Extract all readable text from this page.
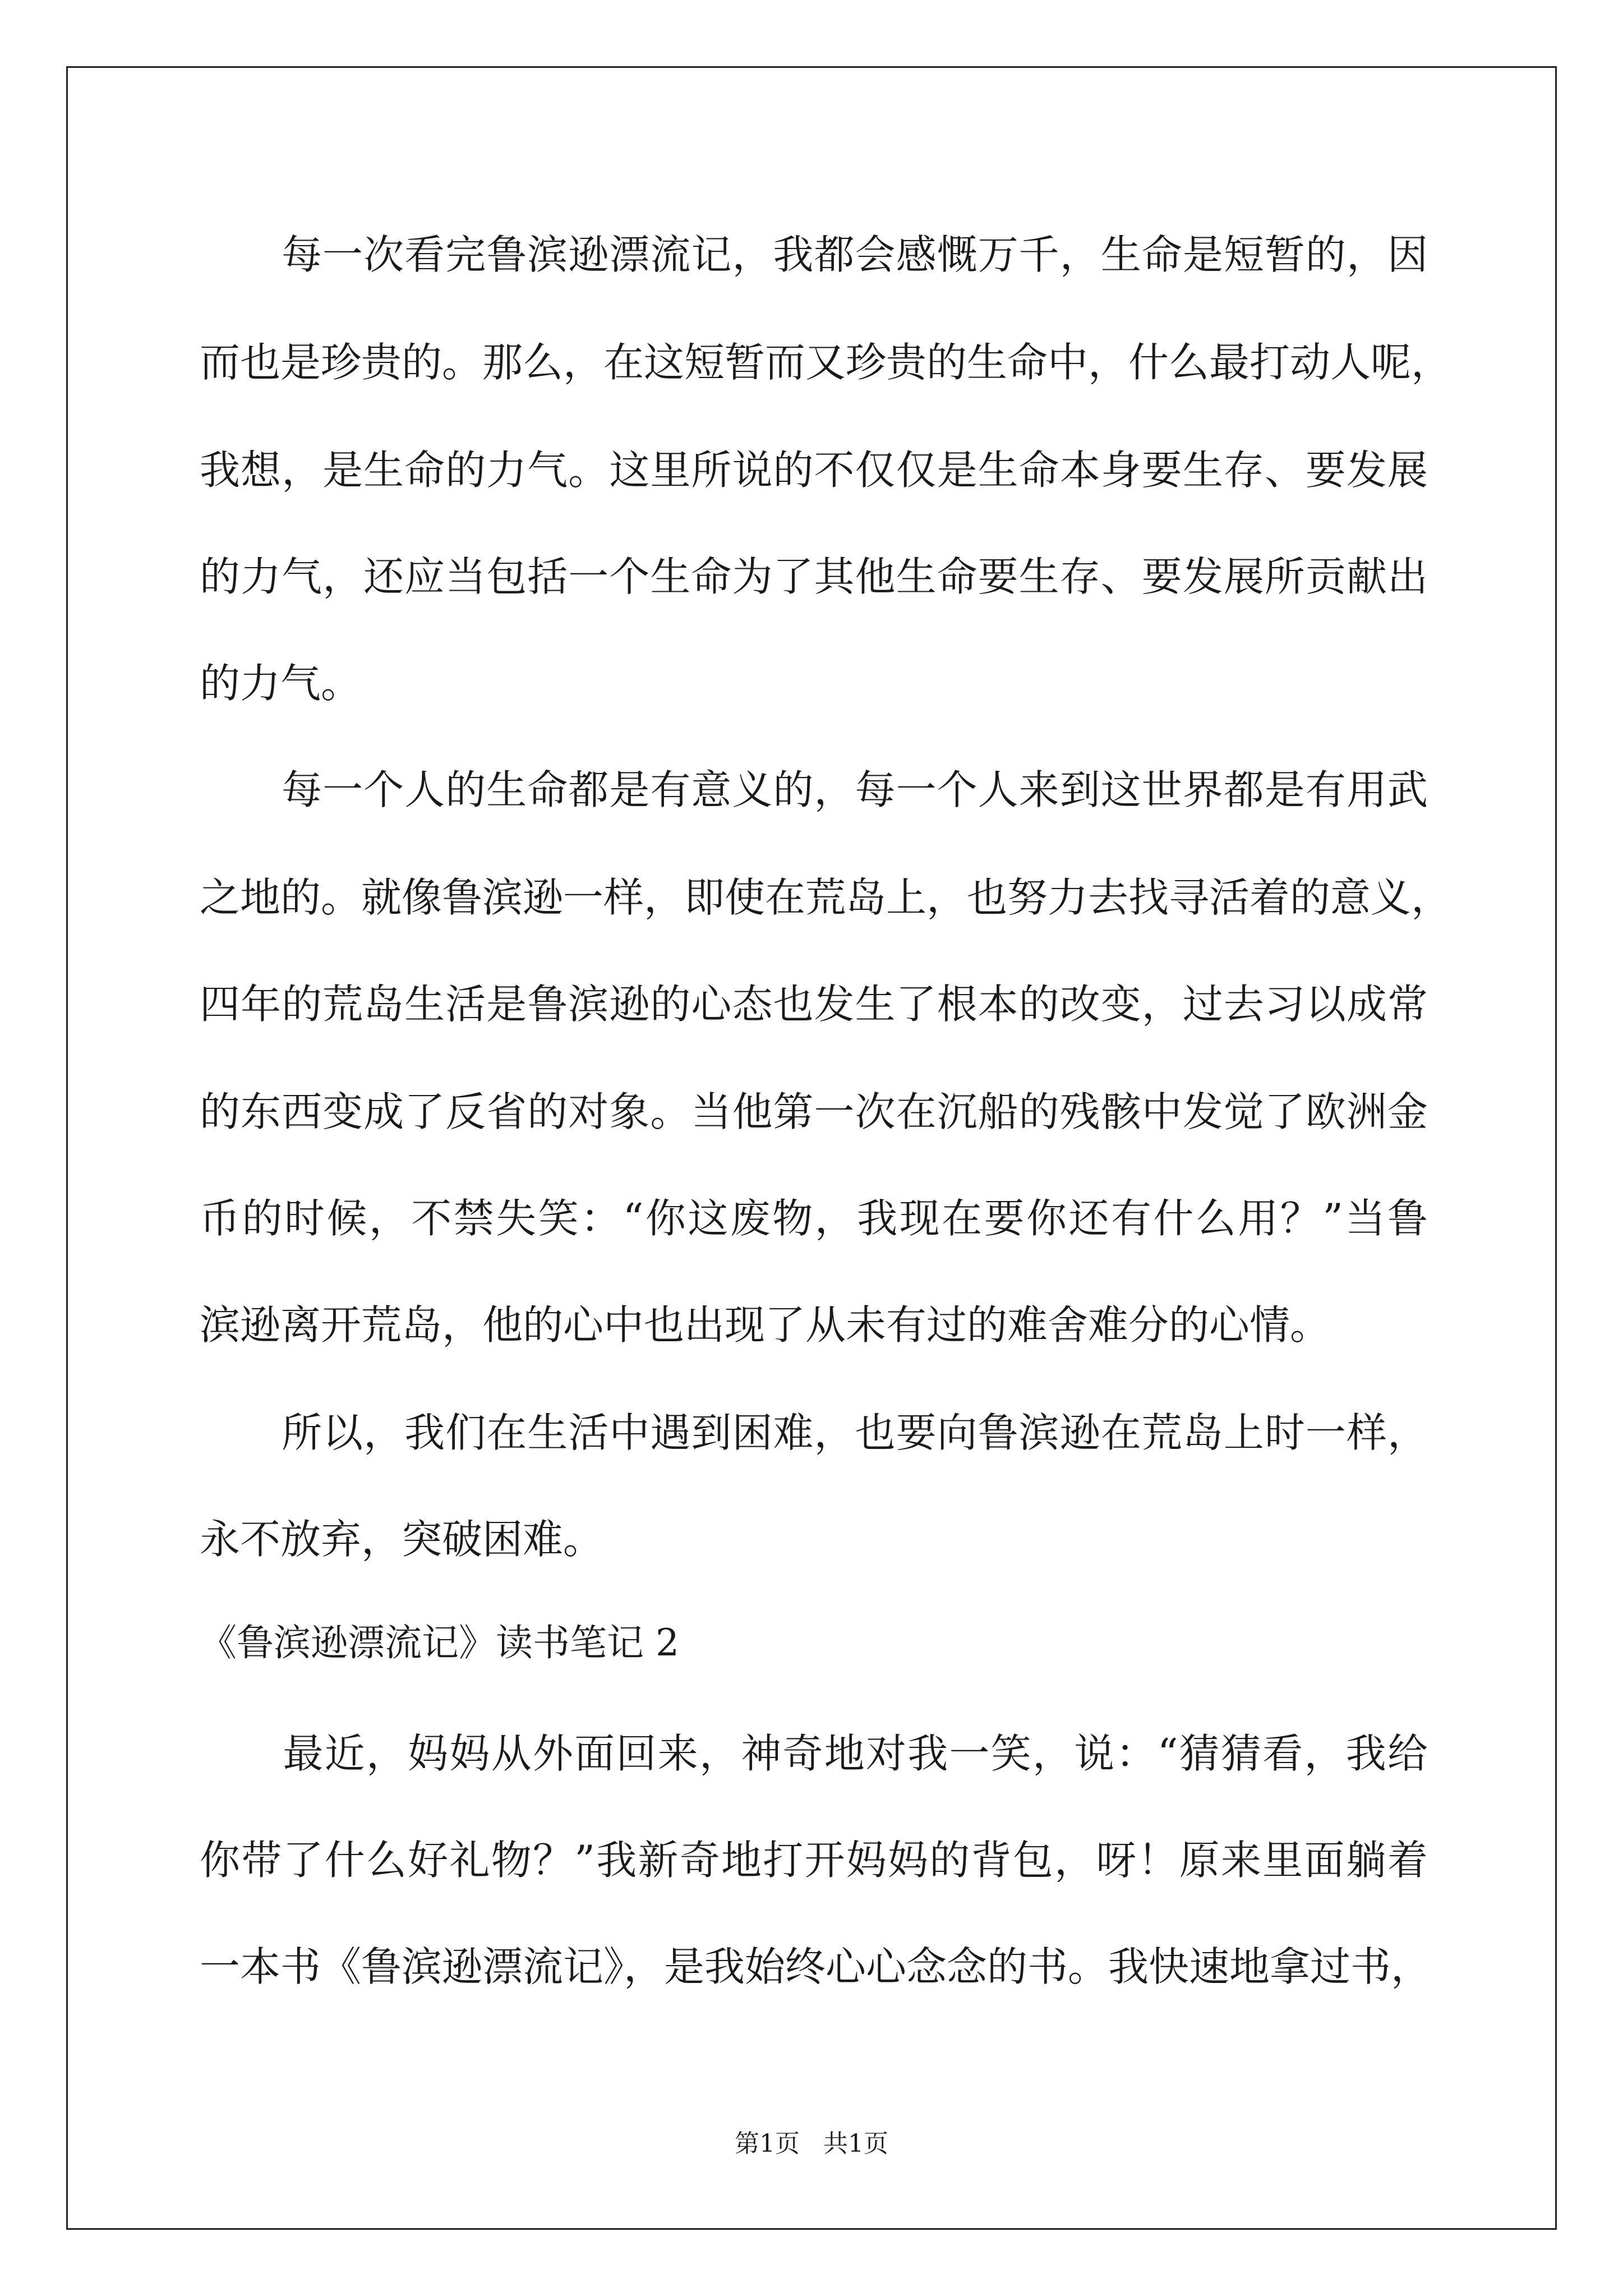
　　每一次看完鲁滨逊漂流记，我都会感慨万千，生命是短暂的，因
而也是珍贵的。那么，在这短暂而又珍贵的生命中，什么最打动人呢，
我想，是生命的力气。这里所说的不仅仅是生命本身要生存、要发展
的力气，还应当包括一个生命为了其他生命要生存、要发展所贡献出
的力气。
　　每一个人的生命都是有意义的，每一个人来到这世界都是有用武
之地的。就像鲁滨逊一样，即使在荒岛上，也努力去找寻活着的意义，
四年的荒岛生活是鲁滨逊的心态也发生了根本的改变，过去习以成常
的东西变成了反省的对象。当他第一次在沉船的残骸中发觉了欧洲金
币的时候，不禁失笑：“你这废物，我现在要你还有什么用？”当鲁
滨逊离开荒岛，他的心中也出现了从未有过的难舍难分的心情。
　　所以，我们在生活中遇到困难，也要向鲁滨逊在荒岛上时一样，
永不放弃，突破困难。
《鲁滨逊漂流记》读书笔记 2
　　最近，妈妈从外面回来，神奇地对我一笑，说：“猜猜看，我给
你带了什么好礼物？”我新奇地打开妈妈的背包，呀！原来里面躺着
一本书《鲁滨逊漂流记》，是我始终心心念念的书。我快速地拿过书，
第1页   共1页
